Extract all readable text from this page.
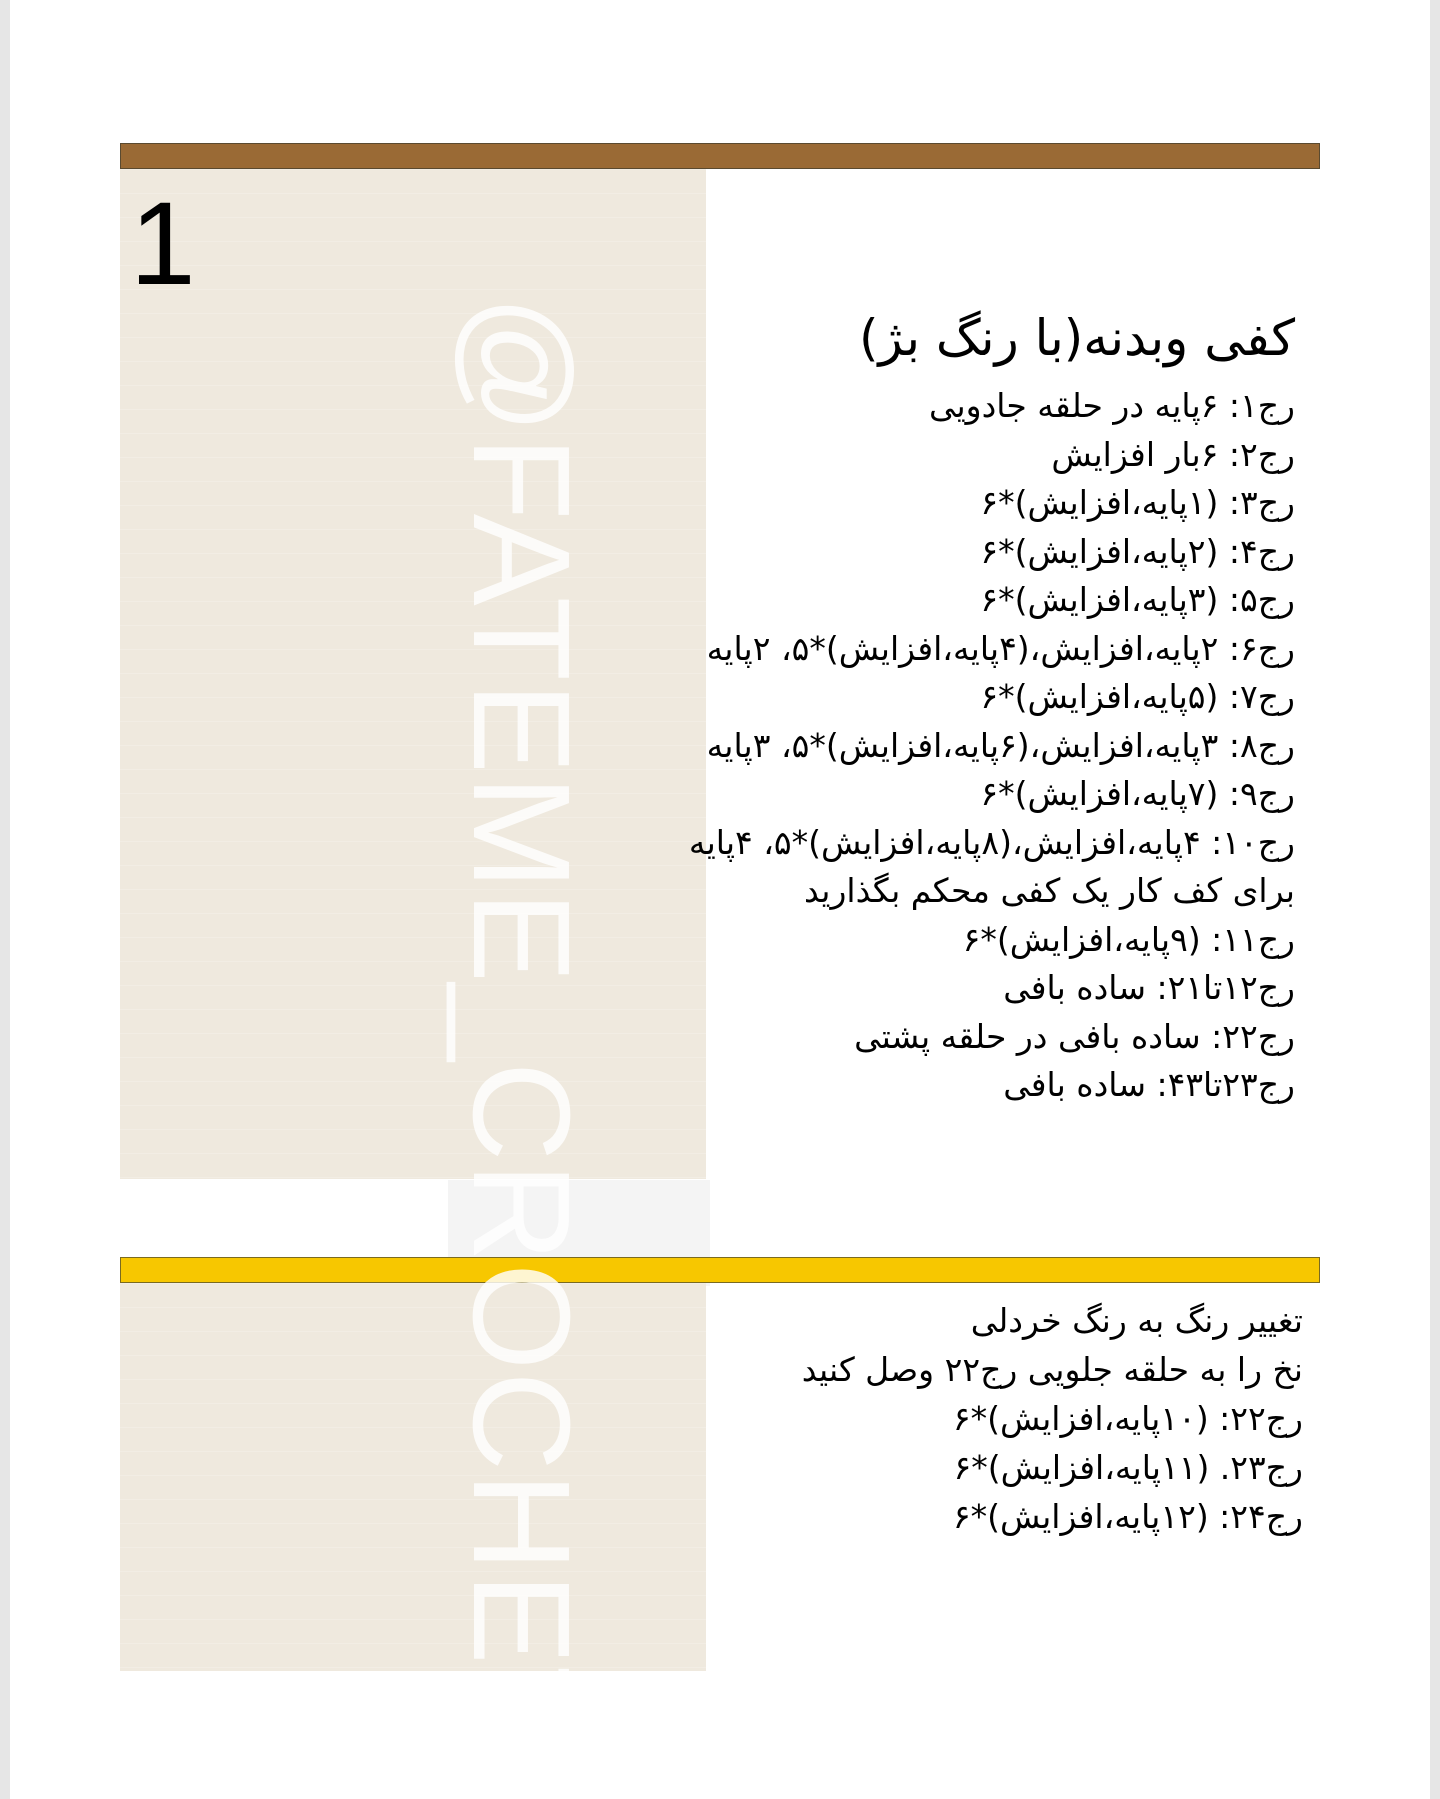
1
@FATEME_CROCHET	کفی وبدنه(با رنگ بژ)
رج۱: ۶پایه در حلقه جادویی
رج۲: ۶بار افزایش
رج۳: (۱پایه،افزایش)*۶
رج۴: (۲پایه،افزایش)*۶
رج۵: (۳پایه،افزایش)*۶
رج۶: ۲پایه،افزایش،(۴پایه،افزایش)*۵، ۲پایه
رج۷: (۵پایه،افزایش)*۶
رج۸: ۳پایه،افزایش،(۶پایه،افزایش)*۵، ۳پایه
رج۹: (۷پایه،افزایش)*۶
رج۱۰: ۴پایه،افزایش،(۸پایه،افزایش)*۵، ۴پایه
برای کف کار یک کفی محکم بگذارید
رج۱۱: (۹پایه،افزایش)*۶
رج۱۲تا۲۱: ساده بافی
رج۲۲: ساده بافی در حلقه پشتی
رج۲۳تا۴۳: ساده بافی
تغییر رنگ به رنگ خردلی
نخ را به حلقه جلویی رج۲۲ وصل کنید
رج۲۲: (۱۰پایه،افزایش)*۶
رج۲۳. (۱۱پایه،افزایش)*۶
رج۲۴: (۱۲پایه،افزایش)*۶
